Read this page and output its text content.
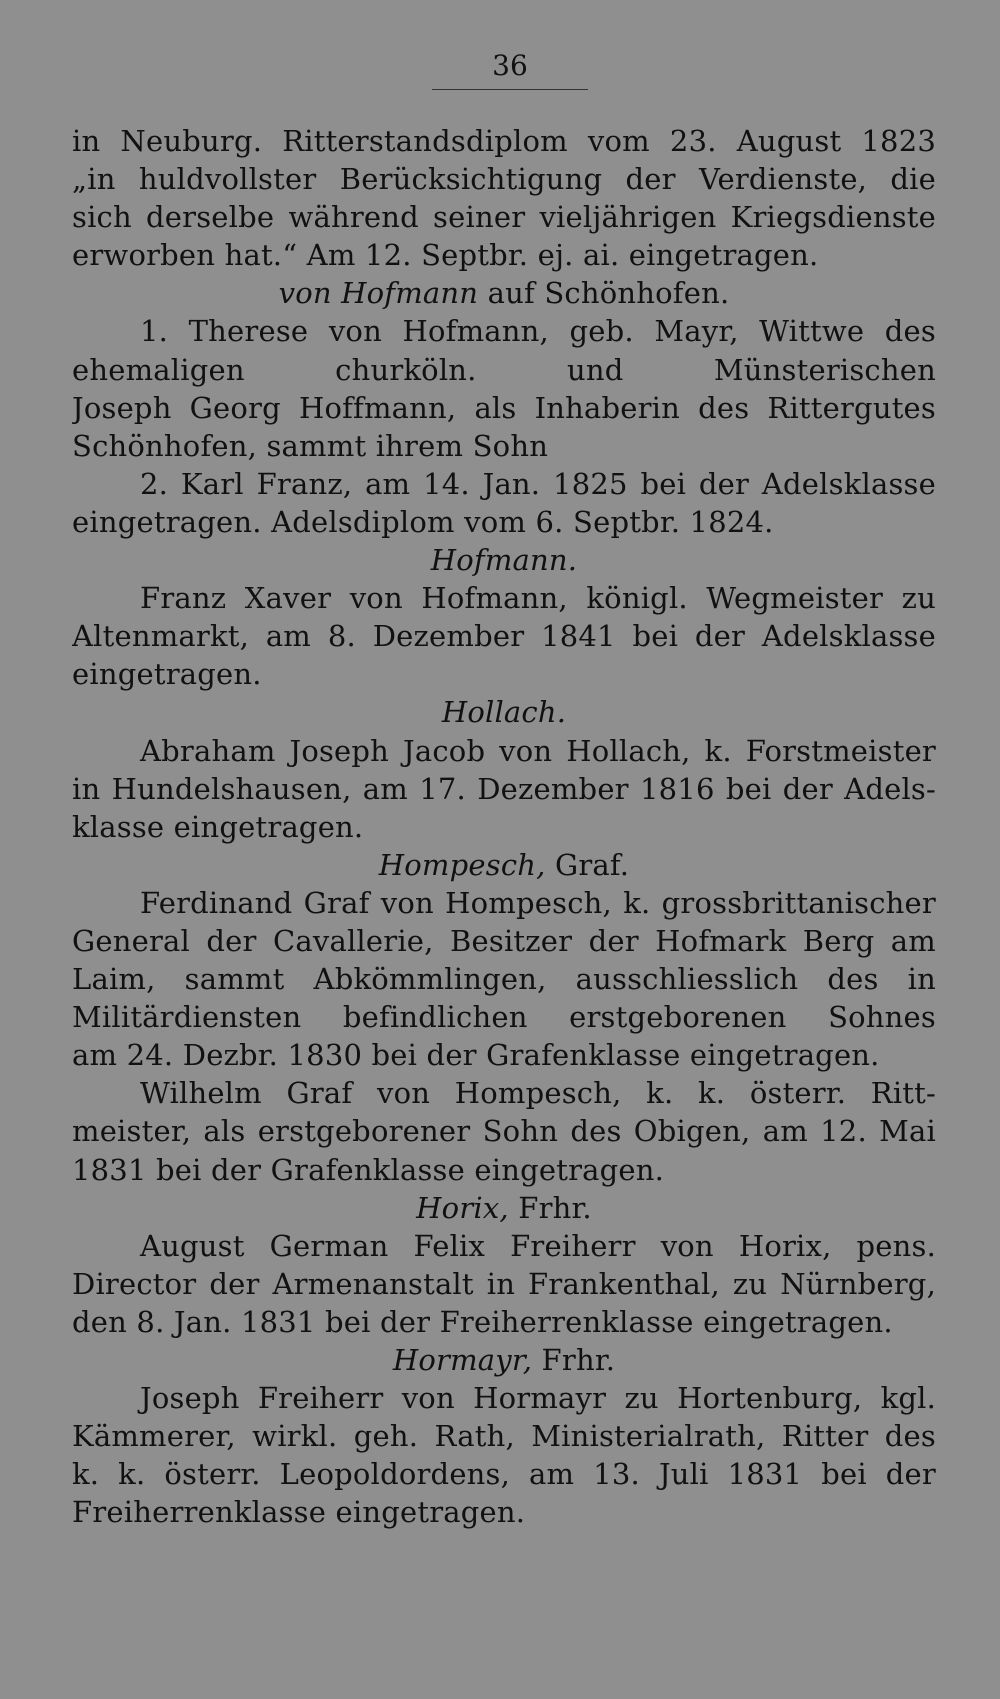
36
in Neuburg. Ritterstandsdiplom vom 23. August 1823
„in huldvollster Berücksichtigung der Verdienste, die
sich derselbe während seiner vieljährigen Kriegsdienste
erworben hat.“ Am 12. Septbr. ej. ai. eingetragen.
von Hofmann auf Schönhofen.
1. Therese von Hofmann, geb. Mayr, Wittwe des
ehemaligen churköln. und Münsterischen
Joseph Georg Hoffmann, als Inhaberin des Rittergutes
Schönhofen, sammt ihrem Sohn
2. Karl Franz, am 14. Jan. 1825 bei der Adelsklasse
eingetragen. Adelsdiplom vom 6. Septbr. 1824.
Hofmann.
Franz Xaver von Hofmann, königl. Wegmeister zu
Altenmarkt, am 8. Dezember 1841 bei der Adelsklasse
eingetragen.
Hollach.
Abraham Joseph Jacob von Hollach, k. Forstmeister
in Hundelshausen, am 17. Dezember 1816 bei der Adels-
klasse eingetragen.
Hompesch, Graf.
Ferdinand Graf von Hompesch, k. grossbrittanischer
General der Cavallerie, Besitzer der Hofmark Berg am
Laim, sammt Abkömmlingen, ausschliesslich des in
Militärdiensten befindlichen erstgeborenen Sohnes
am 24. Dezbr. 1830 bei der Grafenklasse eingetragen.
Wilhelm Graf von Hompesch, k. k. österr. Ritt-
meister, als erstgeborener Sohn des Obigen, am 12. Mai
1831 bei der Grafenklasse eingetragen.
Horix, Frhr.
August German Felix Freiherr von Horix, pens.
Director der Armenanstalt in Frankenthal, zu Nürnberg,
den 8. Jan. 1831 bei der Freiherrenklasse eingetragen.
Hormayr, Frhr.
Joseph Freiherr von Hormayr zu Hortenburg, kgl.
Kämmerer, wirkl. geh. Rath, Ministerialrath, Ritter des
k. k. österr. Leopoldordens, am 13. Juli 1831 bei der
Freiherrenklasse eingetragen.
